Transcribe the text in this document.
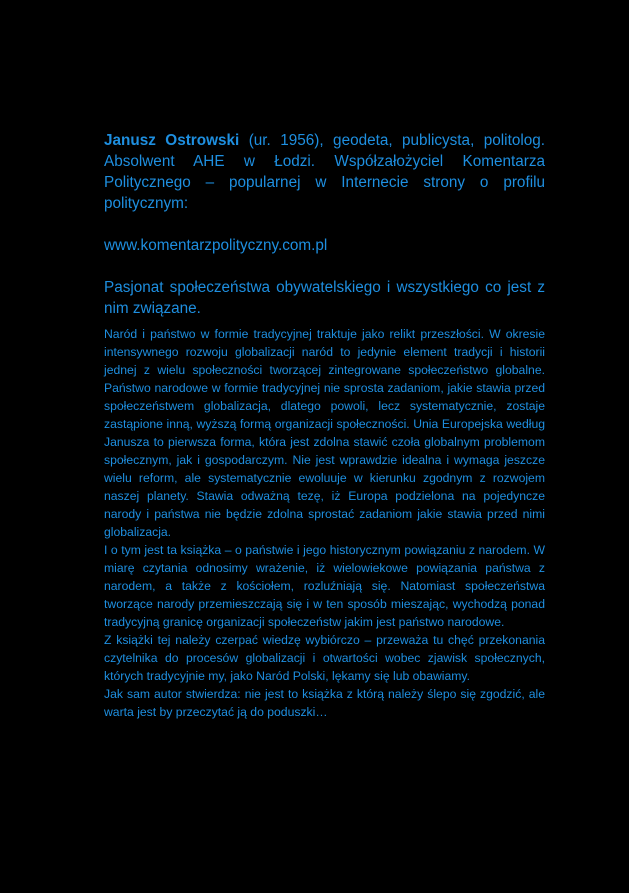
Janusz Ostrowski (ur. 1956), geodeta, publicysta, politolog. Absolwent AHE w Łodzi. Współzałożyciel Komentarza Politycznego – popularnej w Internecie strony o profilu politycznym:

www.komentarzpolityczny.com.pl

Pasjonat społeczeństwa obywatelskiego i wszystkiego co jest z nim związane.

Naród i państwo w formie tradycyjnej traktuje jako relikt przeszłości. W okresie intensywnego rozwoju globalizacji naród to jedynie element tradycji i historii jednej z wielu społeczności tworzącej zintegrowane społeczeństwo globalne. Państwo narodowe w formie tradycyjnej nie sprosta zadaniom, jakie stawia przed społeczeństwem globalizacja, dlatego powoli, lecz systematycznie, zostaje zastąpione inną, wyższą formą organizacji społeczności. Unia Europejska według Janusza to pierwsza forma, która jest zdolna stawić czoła globalnym problemom społecznym, jak i gospodarczym. Nie jest wprawdzie idealna i wymaga jeszcze wielu reform, ale systematycznie ewoluuje w kierunku zgodnym z rozwojem naszej planety. Stawia odważną tezę, iż Europa podzielona na pojedyncze narody i państwa nie będzie zdolna sprostać zadaniom jakie stawia przed nimi globalizacja.

I o tym jest ta książka – o państwie i jego historycznym powiązaniu z narodem. W miarę czytania odnosimy wrażenie, iż wielowiekowe powiązania państwa z narodem, a także z kościołem, rozluźniają się. Natomiast społeczeństwa tworzące narody przemieszczają się i w ten sposób mieszając, wychodzą ponad tradycyjną granicę organizacji społeczeństw jakim jest państwo narodowe.

Z książki tej należy czerpać wiedzę wybiórczo – przeważa tu chęć przekonania czytelnika do procesów globalizacji i otwartości wobec zjawisk społecznych, których tradycyjnie my, jako Naród Polski, lękamy się lub obawiamy.

Jak sam autor stwierdza: nie jest to książka z którą należy ślepo się zgodzić, ale warta jest by przeczytać ją do poduszki…
